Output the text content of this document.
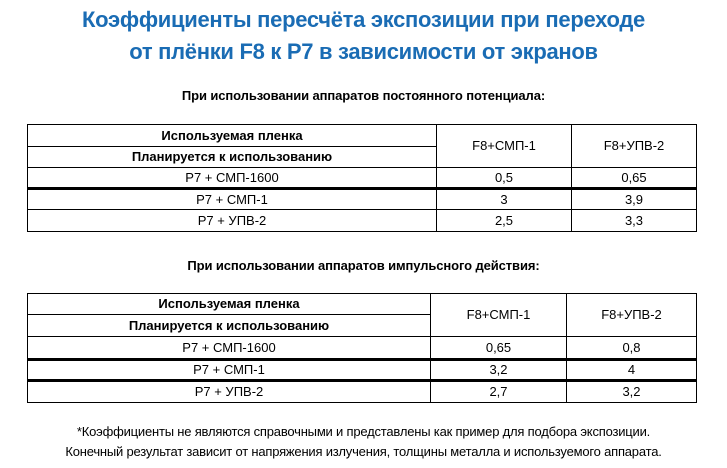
Коэффициенты пересчёта экспозиции при переходе
от плёнки F8 к Р7 в зависимости от экранов
При использовании аппаратов постоянного потенциала:
Используемая пленка	F8+СМП-1	F8+УПВ-2
Планируется к использованию		
Р7 + СМП-1600	0,5	0,65
Р7 + СМП-1	3	3,9
Р7 + УПВ-2	2,5	3,3
При использовании аппаратов импульсного действия:
Используемая пленка	F8+СМП-1	F8+УПВ-2
Планируется к использованию		
Р7 + СМП-1600	0,65	0,8
Р7 + СМП-1	3,2	4
Р7 + УПВ-2	2,7	3,2
*Коэффициенты не являются справочными и представлены как пример для подбора экспозиции.
Конечный результат зависит от напряжения излучения, толщины металла и используемого аппарата.
